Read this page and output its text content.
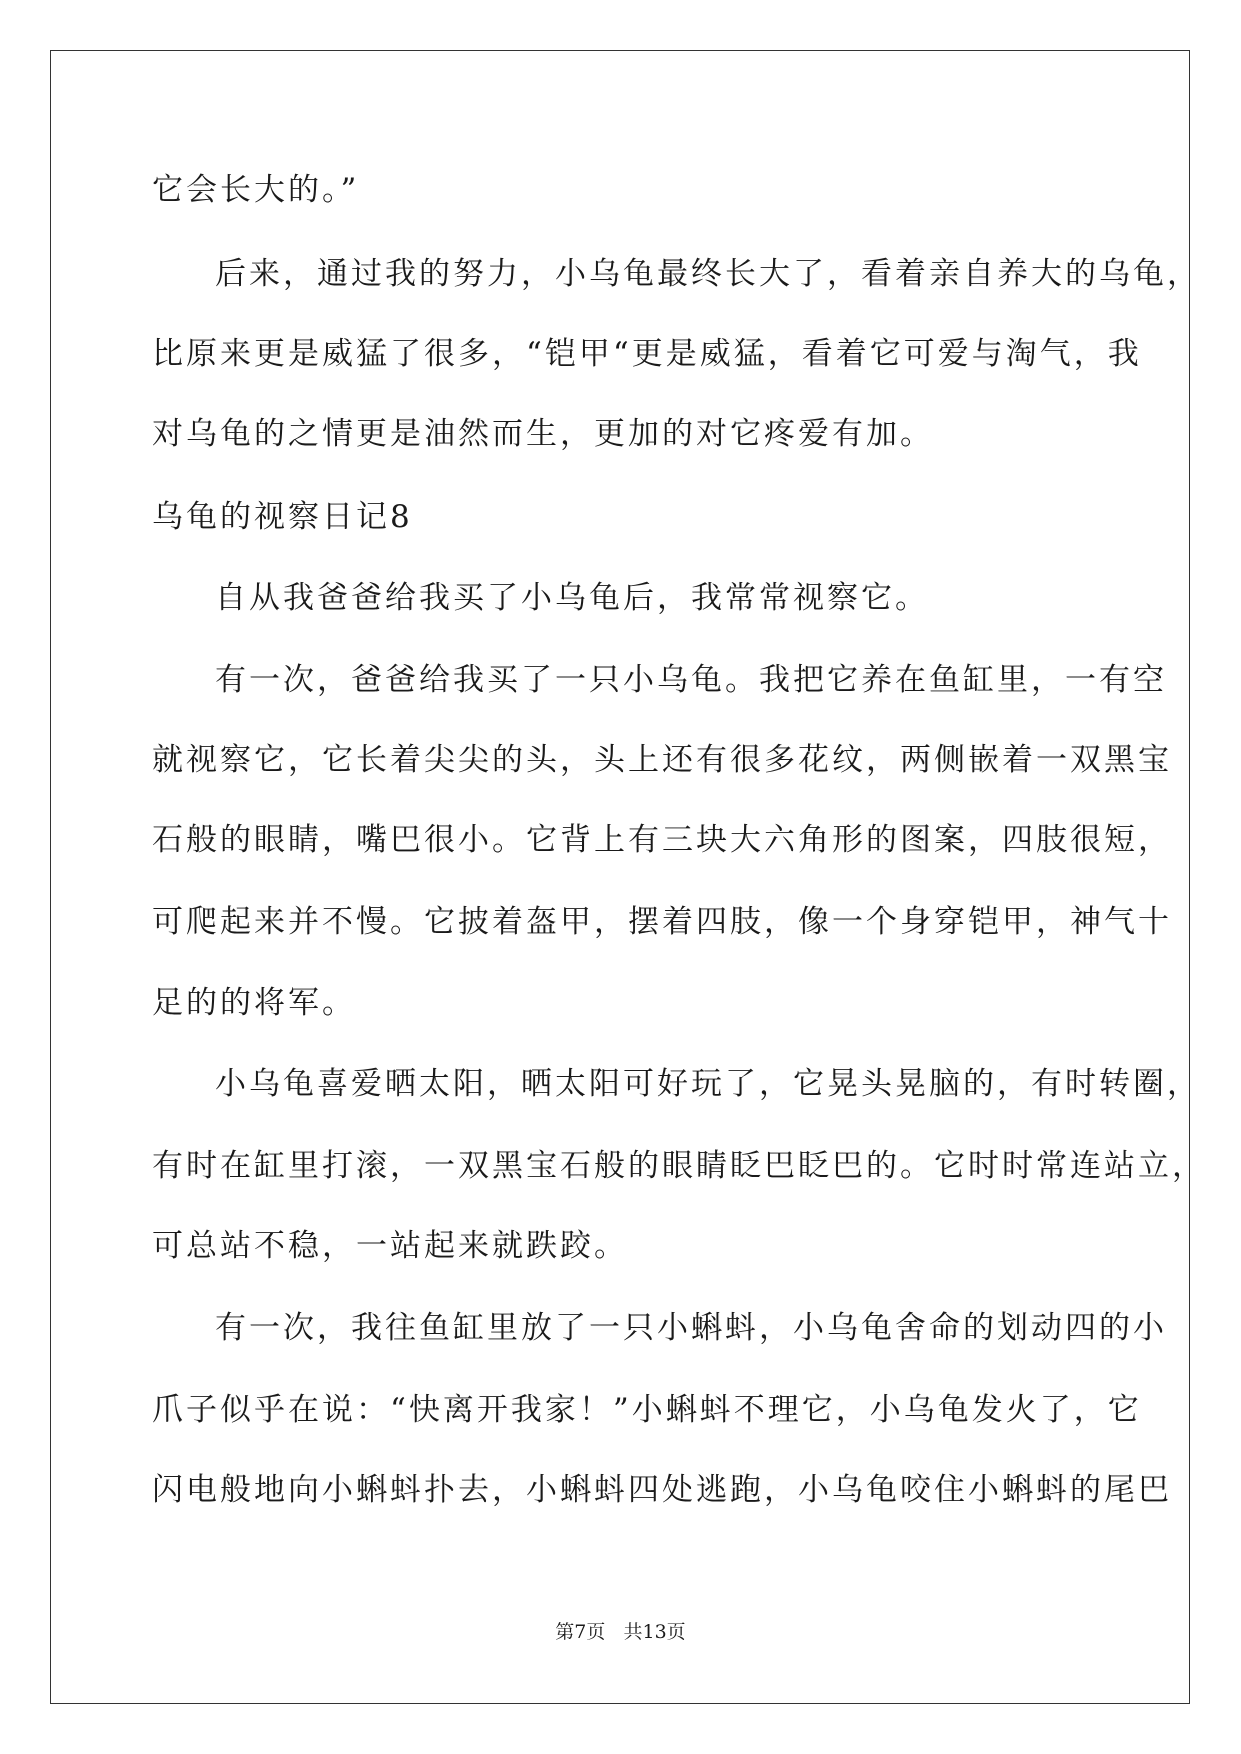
它会长大的。”
后来，通过我的努力，小乌龟最终长大了，看着亲自养大的乌龟，
比原来更是威猛了很多，“铠甲“更是威猛，看着它可爱与淘气，我
对乌龟的之情更是油然而生，更加的对它疼爱有加。
乌龟的视察日记8
自从我爸爸给我买了小乌龟后，我常常视察它。
有一次，爸爸给我买了一只小乌龟。我把它养在鱼缸里，一有空
就视察它，它长着尖尖的头，头上还有很多花纹，两侧嵌着一双黑宝
石般的眼睛，嘴巴很小。它背上有三块大六角形的图案，四肢很短，
可爬起来并不慢。它披着盔甲，摆着四肢，像一个身穿铠甲，神气十
足的的将军。
小乌龟喜爱晒太阳，晒太阳可好玩了，它晃头晃脑的，有时转圈，
有时在缸里打滚，一双黑宝石般的眼睛眨巴眨巴的。它时时常连站立，
可总站不稳，一站起来就跌跤。
有一次，我往鱼缸里放了一只小蝌蚪，小乌龟舍命的划动四的小
爪子似乎在说：“快离开我家！”小蝌蚪不理它，小乌龟发火了，它
闪电般地向小蝌蚪扑去，小蝌蚪四处逃跑，小乌龟咬住小蝌蚪的尾巴
第7页   共13页
